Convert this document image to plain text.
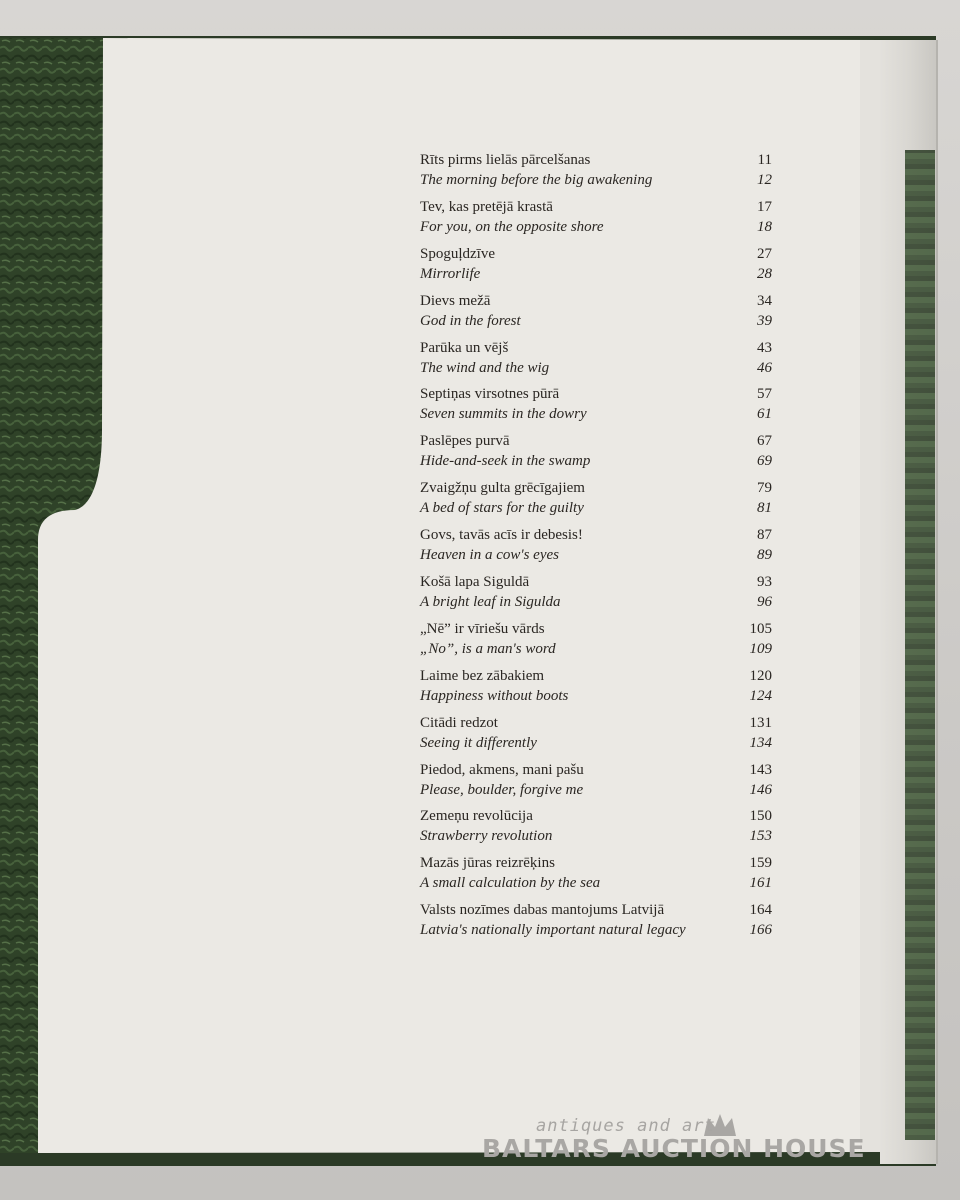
Rīts pirms lielās pārcelšanas	11
The morning before the big awakening	12
Tev, kas pretējā krastā	17
For you, on the opposite shore	18
Spoguļdzīve	27
Mirrorlife	28
Dievs mežā	34
God in the forest	39
Parūka un vējš	43
The wind and the wig	46
Septiņas virsotnes pūrā	57
Seven summits in the dowry	61
Paslēpes purvā	67
Hide-and-seek in the swamp	69
Zvaigžņu gulta grēcīgajiem	79
A bed of stars for the guilty	81
Govs, tavās acīs ir debesis!	87
Heaven in a cow's eyes	89
Košā lapa Siguldā	93
A bright leaf in Sigulda	96
„Nē” ir vīriešu vārds	105
„No”, is a man's word	109
Laime bez zābakiem	120
Happiness without boots	124
Citādi redzot	131
Seeing it differently	134
Piedod, akmens, mani pašu	143
Please, boulder, forgive me	146
Zemeņu revolūcija	150
Strawberry revolution	153
Mazās jūras reizrēķins	159
A small calculation by the sea	161
Valsts nozīmes dabas mantojums Latvijā	164
Latvia's nationally important natural legacy	166
antiques and art
BALTARS AUCTION HOUSE
